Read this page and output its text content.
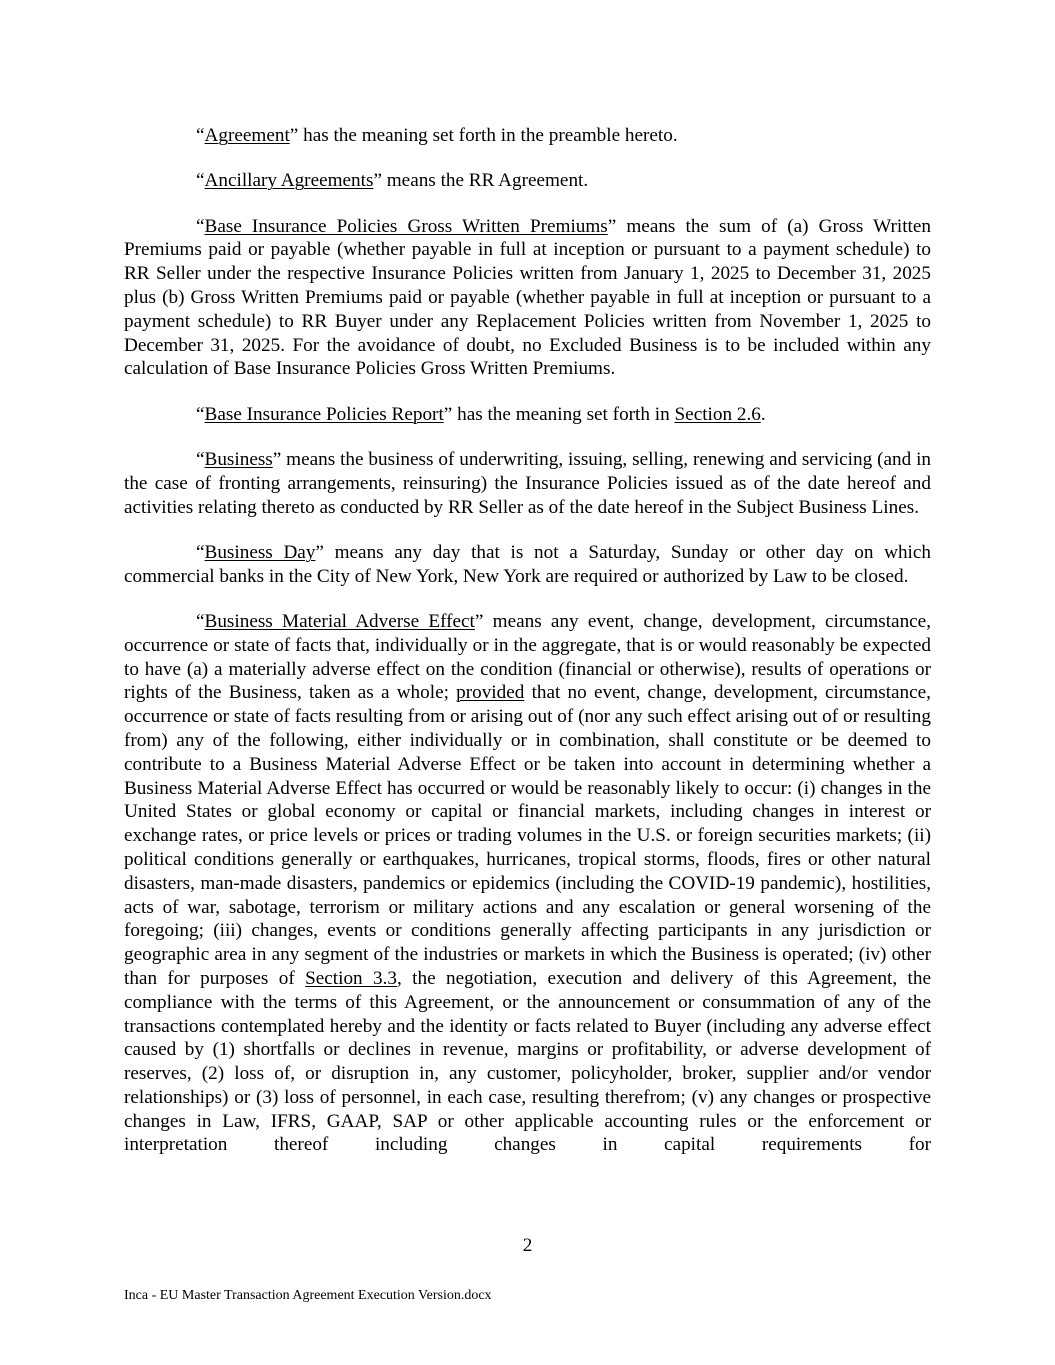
“Agreement” has the meaning set forth in the preamble hereto.

“Ancillary Agreements” means the RR Agreement.

“Base Insurance Policies Gross Written Premiums” means the sum of (a) Gross Written Premiums paid or payable (whether payable in full at inception or pursuant to a payment schedule) to RR Seller under the respective Insurance Policies written from January 1, 2025 to December 31, 2025 plus (b) Gross Written Premiums paid or payable (whether payable in full at inception or pursuant to a payment schedule) to RR Buyer under any Replacement Policies written from November 1, 2025 to December 31, 2025. For the avoidance of doubt, no Excluded Business is to be included within any calculation of Base Insurance Policies Gross Written Premiums.

“Base Insurance Policies Report” has the meaning set forth in Section 2.6.

“Business” means the business of underwriting, issuing, selling, renewing and servicing (and in the case of fronting arrangements, reinsuring) the Insurance Policies issued as of the date hereof and activities relating thereto as conducted by RR Seller as of the date hereof in the Subject Business Lines.

“Business Day” means any day that is not a Saturday, Sunday or other day on which commercial banks in the City of New York, New York are required or authorized by Law to be closed.

“Business Material Adverse Effect” means any event, change, development, circumstance, occurrence or state of facts that, individually or in the aggregate, that is or would reasonably be expected to have (a) a materially adverse effect on the condition (financial or otherwise), results of operations or rights of the Business, taken as a whole; provided that no event, change, development, circumstance, occurrence or state of facts resulting from or arising out of (nor any such effect arising out of or resulting from) any of the following, either individually or in combination, shall constitute or be deemed to contribute to a Business Material Adverse Effect or be taken into account in determining whether a Business Material Adverse Effect has occurred or would be reasonably likely to occur: (i) changes in the United States or global economy or capital or financial markets, including changes in interest or exchange rates, or price levels or prices or trading volumes in the U.S. or foreign securities markets; (ii) political conditions generally or earthquakes, hurricanes, tropical storms, floods, fires or other natural disasters, man-made disasters, pandemics or epidemics (including the COVID-19 pandemic), hostilities, acts of war, sabotage, terrorism or military actions and any escalation or general worsening of the foregoing; (iii) changes, events or conditions generally affecting participants in any jurisdiction or geographic area in any segment of the industries or markets in which the Business is operated; (iv) other than for purposes of Section 3.3, the negotiation, execution and delivery of this Agreement, the compliance with the terms of this Agreement, or the announcement or consummation of any of the transactions contemplated hereby and the identity or facts related to Buyer (including any adverse effect caused by (1) shortfalls or declines in revenue, margins or profitability, or adverse development of reserves, (2) loss of, or disruption in, any customer, policyholder, broker, supplier and/or vendor relationships) or (3) loss of personnel, in each case, resulting therefrom; (v) any changes or prospective changes in Law, IFRS, GAAP, SAP or other applicable accounting rules or the enforcement or interpretation thereof including changes in capital requirements for

2
Inca - EU Master Transaction Agreement Execution Version.docx
